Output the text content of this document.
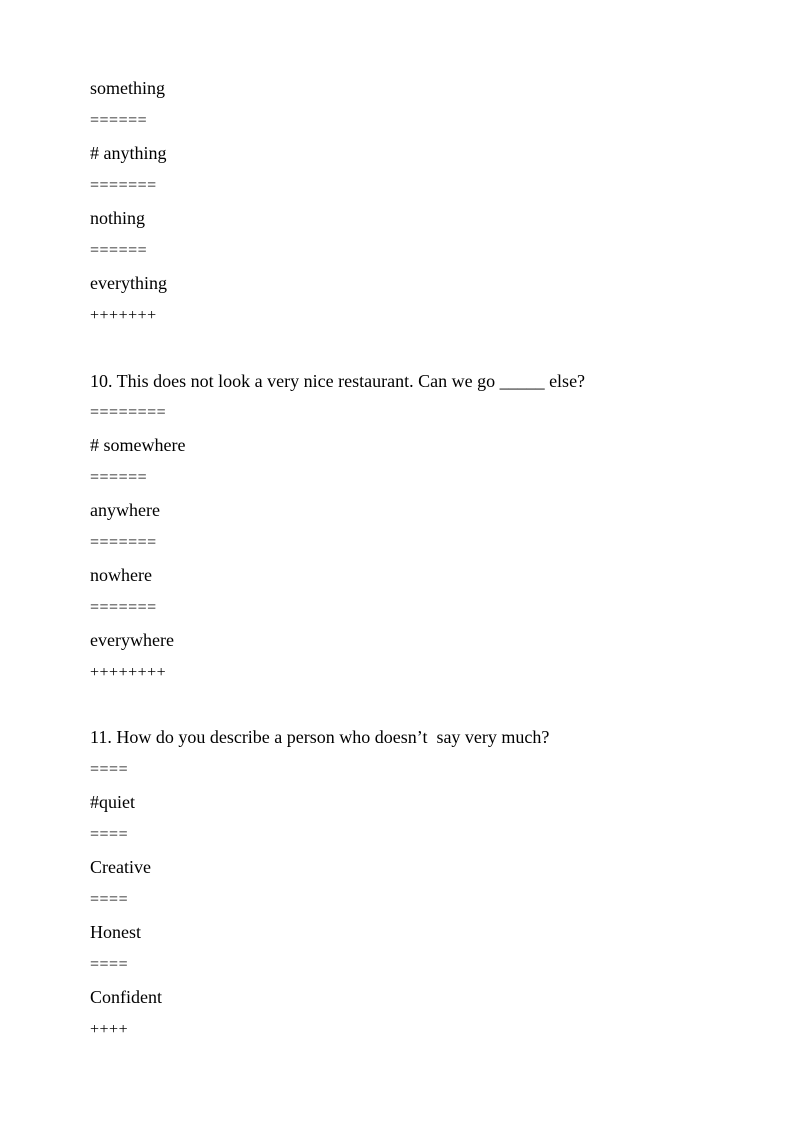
something
======
# anything
=======
nothing
======
everything
+++++++
10. This does not look a very nice restaurant. Can we go _____ else?
========
# somewhere
======
anywhere
=======
nowhere
=======
everywhere
++++++++
11. How do you describe a person who doesn’t  say very much?
====
#quiet
====
Creative
====
Honest
====
Confident
++++
